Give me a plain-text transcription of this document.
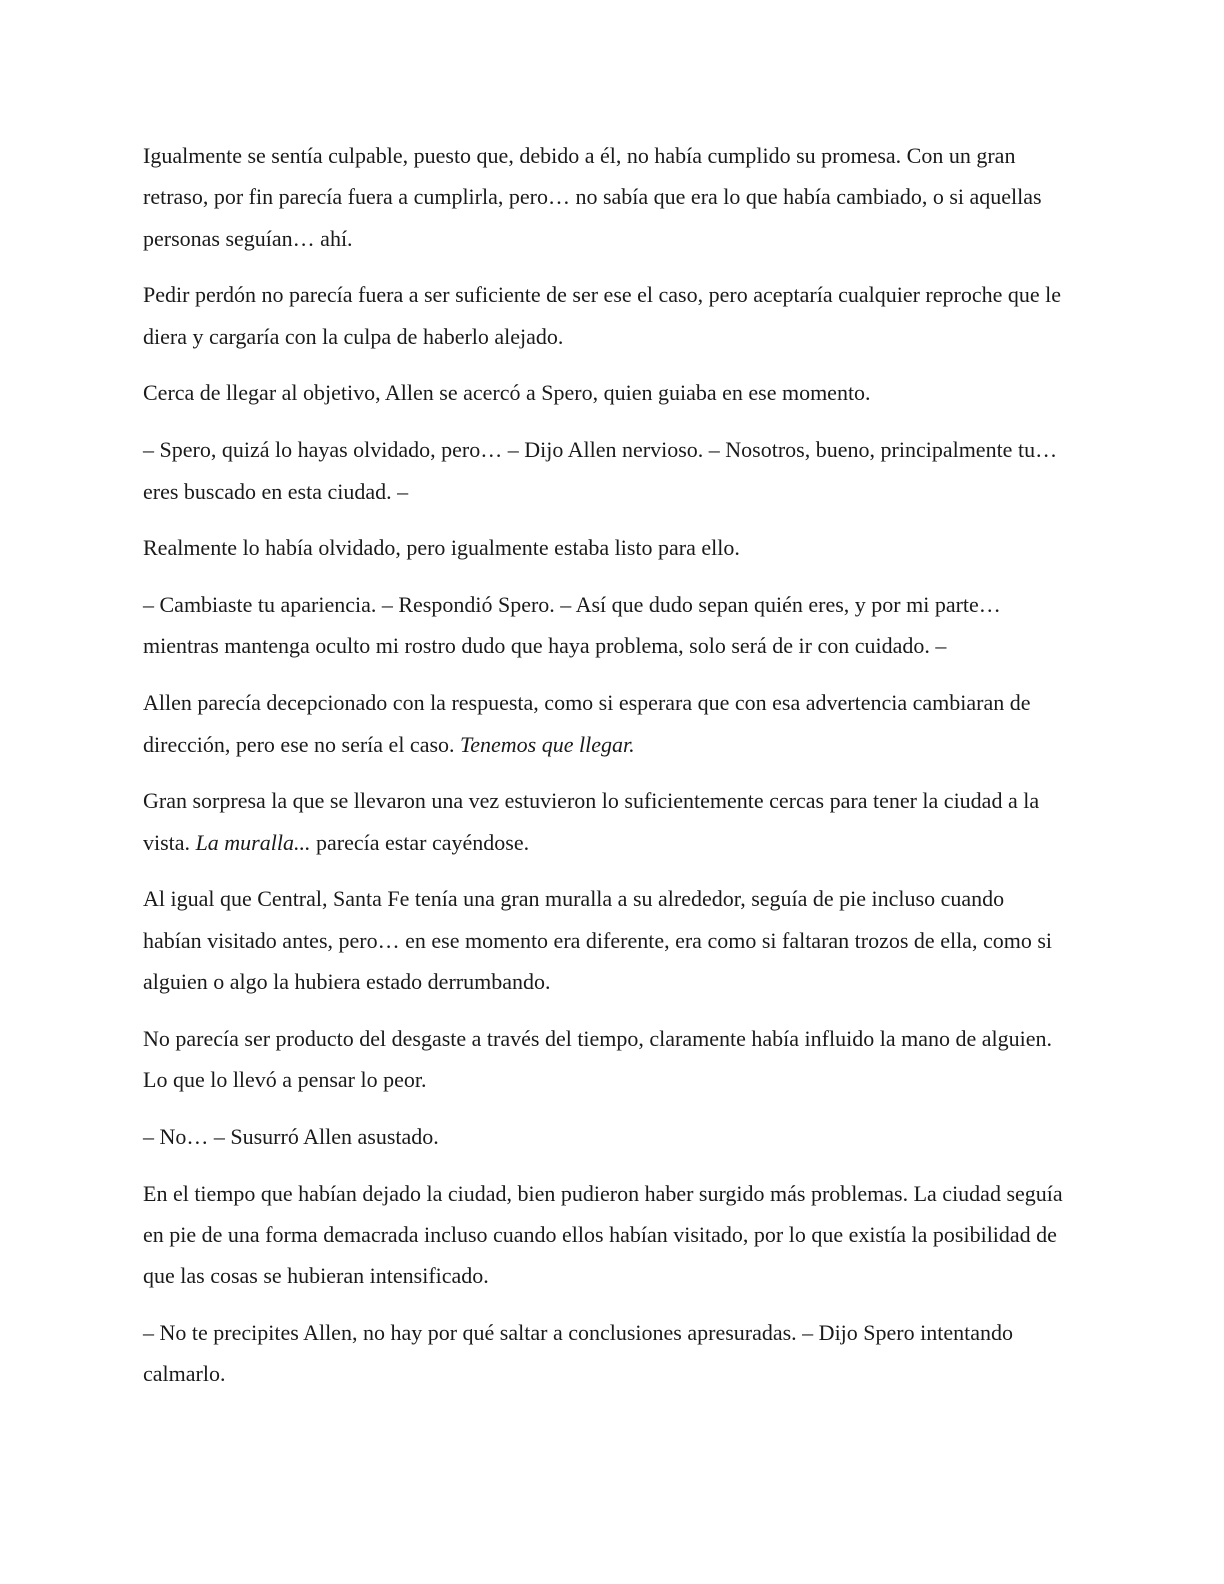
Igualmente se sentía culpable, puesto que, debido a él, no había cumplido su promesa. Con un gran retraso, por fin parecía fuera a cumplirla, pero… no sabía que era lo que había cambiado, o si aquellas personas seguían… ahí.

Pedir perdón no parecía fuera a ser suficiente de ser ese el caso, pero aceptaría cualquier reproche que le diera y cargaría con la culpa de haberlo alejado.

Cerca de llegar al objetivo, Allen se acercó a Spero, quien guiaba en ese momento.

– Spero, quizá lo hayas olvidado, pero… – Dijo Allen nervioso. – Nosotros, bueno, principalmente tu… eres buscado en esta ciudad. –

Realmente lo había olvidado, pero igualmente estaba listo para ello.

– Cambiaste tu apariencia. – Respondió Spero. – Así que dudo sepan quién eres, y por mi parte… mientras mantenga oculto mi rostro dudo que haya problema, solo será de ir con cuidado. –

Allen parecía decepcionado con la respuesta, como si esperara que con esa advertencia cambiaran de dirección, pero ese no sería el caso. Tenemos que llegar.

Gran sorpresa la que se llevaron una vez estuvieron lo suficientemente cercas para tener la ciudad a la vista. La muralla... parecía estar cayéndose.

Al igual que Central, Santa Fe tenía una gran muralla a su alrededor, seguía de pie incluso cuando habían visitado antes, pero… en ese momento era diferente, era como si faltaran trozos de ella, como si alguien o algo la hubiera estado derrumbando.

No parecía ser producto del desgaste a través del tiempo, claramente había influido la mano de alguien. Lo que lo llevó a pensar lo peor.

– No… – Susurró Allen asustado.

En el tiempo que habían dejado la ciudad, bien pudieron haber surgido más problemas. La ciudad seguía en pie de una forma demacrada incluso cuando ellos habían visitado, por lo que existía la posibilidad de que las cosas se hubieran intensificado.

– No te precipites Allen, no hay por qué saltar a conclusiones apresuradas. – Dijo Spero intentando calmarlo.
